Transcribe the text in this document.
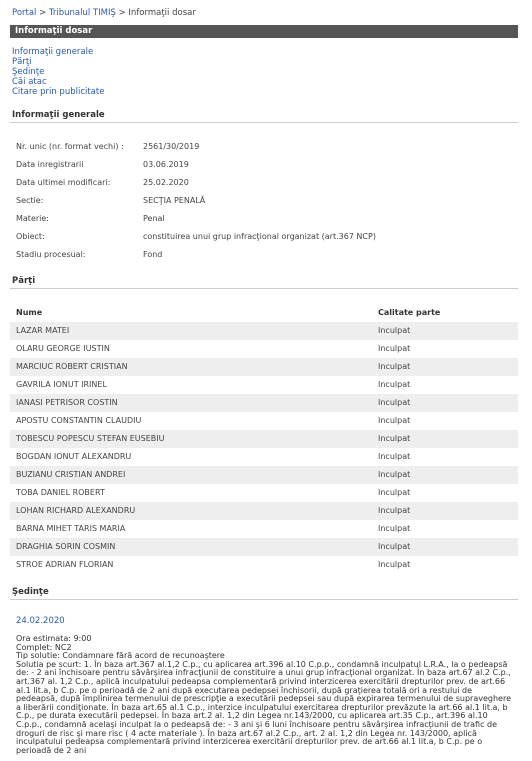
Portal > Tribunalul TIMIŞ > Informaţii dosar
Informaţii dosar
Informaţii generale
Părţi
Şedinţe
Căi atac
Citare prin publicitate
Informaţii generale
Nr. unic (nr. format vechi) : 2561/30/2019
Data inregistrarii	03.06.2019
Data ultimei modificari:	25.02.2020
Sectie:	SECŢIA PENALĂ
Materie:	Penal
Obiect:	constituirea unui grup infracţional organizat (art.367 NCP)
Stadiu procesual:	Fond
Părţi
Nume	Calitate parte
LAZAR MATEI	Inculpat
OLARU GEORGE IUSTIN	Inculpat
MARCIUC ROBERT CRISTIAN	Inculpat
GAVRILA IONUT IRINEL	Inculpat
IANASI PETRISOR COSTIN	Inculpat
APOSTU CONSTANTIN CLAUDIU	Inculpat
TOBESCU POPESCU STEFAN EUSEBIU	Inculpat
BOGDAN IONUT ALEXANDRU	Inculpat
BUZIANU CRISTIAN ANDREI	Inculpat
TOBA DANIEL ROBERT	Inculpat
LOHAN RICHARD ALEXANDRU	Inculpat
BARNA MIHET TARIS MARIA	Inculpat
DRAGHIA SORIN COSMIN	Inculpat
STROE ADRIAN FLORIAN	Inculpat
Şedinţe
24.02.2020
Ora estimata: 9:00
Complet: NC2
Tip solutie: Condamnare fără acord de recunoaştere
Solutia pe scurt: 1. În baza art.367 al.1,2 C.p., cu aplicarea art.396 al.10 C.p.p., condamnă inculpatul L.R.A., la o pedeapsă de: - 2 ani închisoare pentru săvârşirea infracţiunii de constituire a unui grup infracţional organizat. În baza art.67 al.2 C.p., art.367 al. 1,2 C.p., aplică inculpatului pedeapsa complementară privind interzicerea exercitării drepturilor prev. de art.66 al.1 lit.a, b C.p. pe o perioadă de 2 ani după executarea pedepsei închisorii, după graţierea totală ori a restului de pedeapsă, după împlinirea termenului de prescripţie a executării pedepsei sau după expirarea termenului de supraveghere a liberării condiţionate. În baza art.65 al.1 C.p., interzice inculpatului exercitarea drepturilor prevăzute la art.66 al.1 lit.a, b C.p., pe durata executării pedepsei. În baza art.2 al. 1,2 din Legea nr.143/2000, cu aplicarea art.35 C.p., art.396 al.10 C.p.p., condamnă acelaşi inculpat la o pedeapsă de: - 3 ani şi 6 luni închisoare pentru săvârşirea infracţiunii de trafic de droguri de risc şi mare risc ( 4 acte materiale ). În baza art.67 al.2 C.p., art. 2 al. 1,2 din Legea nr. 143/2000, aplică inculpatului pedeapsa complementară privind interzicerea exercitării drepturilor prev. de art.66 al.1 lit.a, b C.p. pe o perioadă de 2 ani
